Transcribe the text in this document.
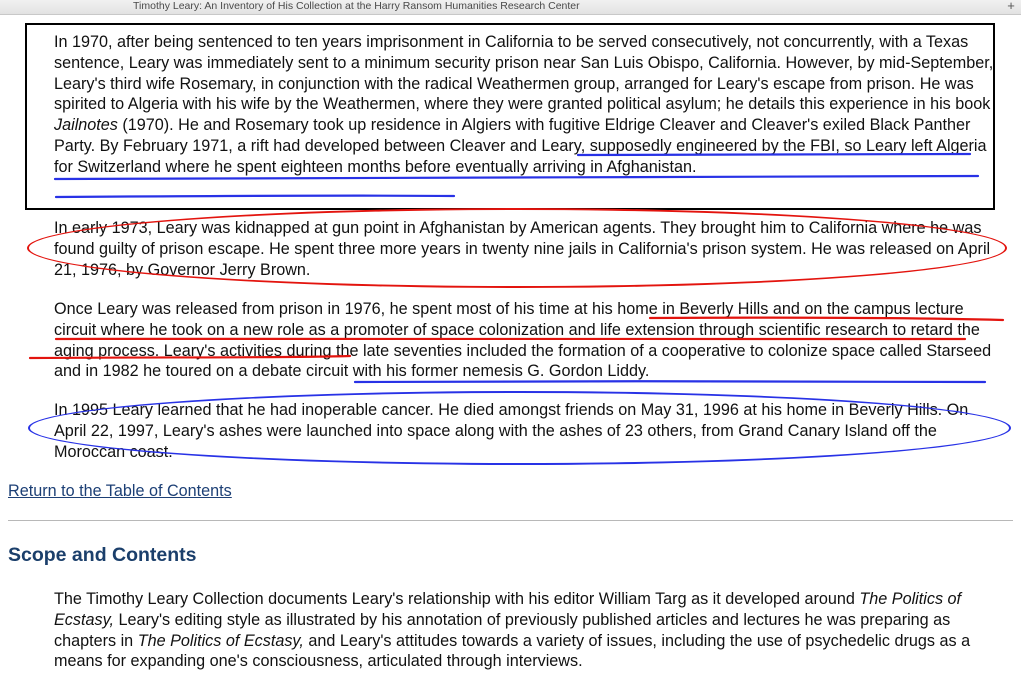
Timothy Leary: An Inventory of His Collection at the Harry Ransom Humanities Research Center	+

In 1970, after being sentenced to ten years imprisonment in California to be served consecutively, not concurrently, with a Texas sentence, Leary was immediately sent to a minimum security prison near San Luis Obispo, California. However, by mid-September, Leary's third wife Rosemary, in conjunction with the radical Weathermen group, arranged for Leary's escape from prison. He was spirited to Algeria with his wife by the Weathermen, where they were granted political asylum; he details this experience in his book Jailnotes (1970). He and Rosemary took up residence in Algiers with fugitive Eldrige Cleaver and Cleaver's exiled Black Panther Party. By February 1971, a rift had developed between Cleaver and Leary, supposedly engineered by the FBI, so Leary left Algeria for Switzerland where he spent eighteen months before eventually arriving in Afghanistan.

In early 1973, Leary was kidnapped at gun point in Afghanistan by American agents. They brought him to California where he was found guilty of prison escape. He spent three more years in twenty nine jails in California's prison system. He was released on April 21, 1976, by Governor Jerry Brown.

Once Leary was released from prison in 1976, he spent most of his time at his home in Beverly Hills and on the campus lecture circuit where he took on a new role as a promoter of space colonization and life extension through scientific research to retard the aging process. Leary's activities during the late seventies included the formation of a cooperative to colonize space called Starseed and in 1982 he toured on a debate circuit with his former nemesis G. Gordon Liddy.

In 1995 Leary learned that he had inoperable cancer. He died amongst friends on May 31, 1996 at his home in Beverly Hills. On April 22, 1997, Leary's ashes were launched into space along with the ashes of 23 others, from Grand Canary Island off the Moroccan coast.

Return to the Table of Contents
Scope and Contents

The Timothy Leary Collection documents Leary's relationship with his editor William Targ as it developed around The Politics of Ecstasy, Leary's editing style as illustrated by his annotation of previously published articles and lectures he was preparing as chapters in The Politics of Ecstasy, and Leary's attitudes towards a variety of issues, including the use of psychedelic drugs as a means for expanding one's consciousness, articulated through interviews.
